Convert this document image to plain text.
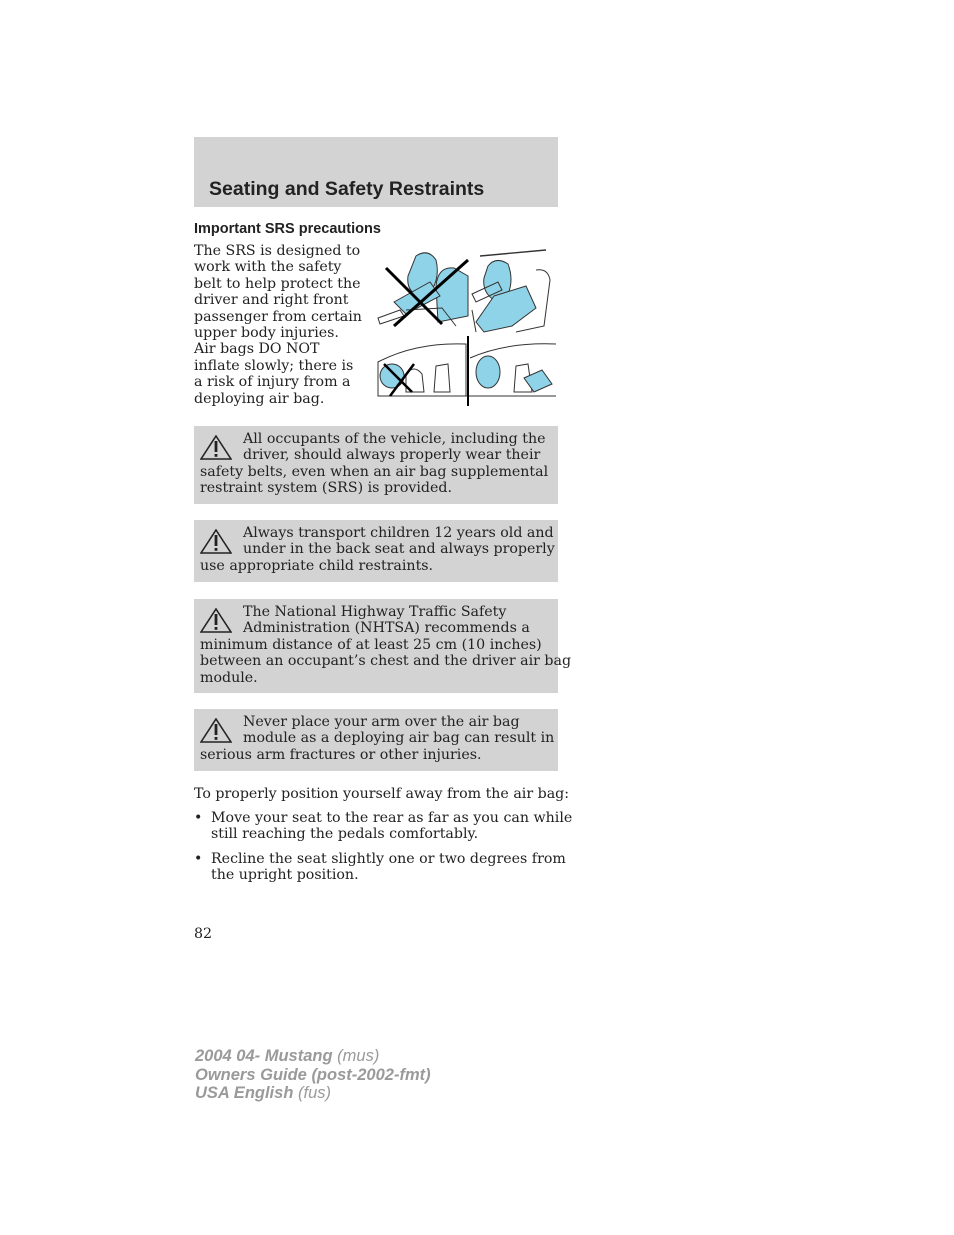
Seating and Safety Restraints
Important SRS precautions
The SRS is designed to
work with the safety
belt to help protect the
driver and right front
passenger from certain
upper body injuries.
Air bags DO NOT
inflate slowly; there is
a risk of injury from a
deploying air bag.
All occupants of the vehicle, including the
driver, should always properly wear their
safety belts, even when an air bag supplemental
restraint system (SRS) is provided.
Always transport children 12 years old and
under in the back seat and always properly
use appropriate child restraints.
The National Highway Traffic Safety
Administration (NHTSA) recommends a
minimum distance of at least 25 cm (10 inches)
between an occupant’s chest and the driver air bag
module.
Never place your arm over the air bag
module as a deploying air bag can result in
serious arm fractures or other injuries.
To properly position yourself away from the air bag:
• Move your seat to the rear as far as you can while
still reaching the pedals comfortably.
• Recline the seat slightly one or two degrees from
the upright position.
82
2004 04- Mustang (mus)
Owners Guide (post-2002-fmt)
USA English (fus)
